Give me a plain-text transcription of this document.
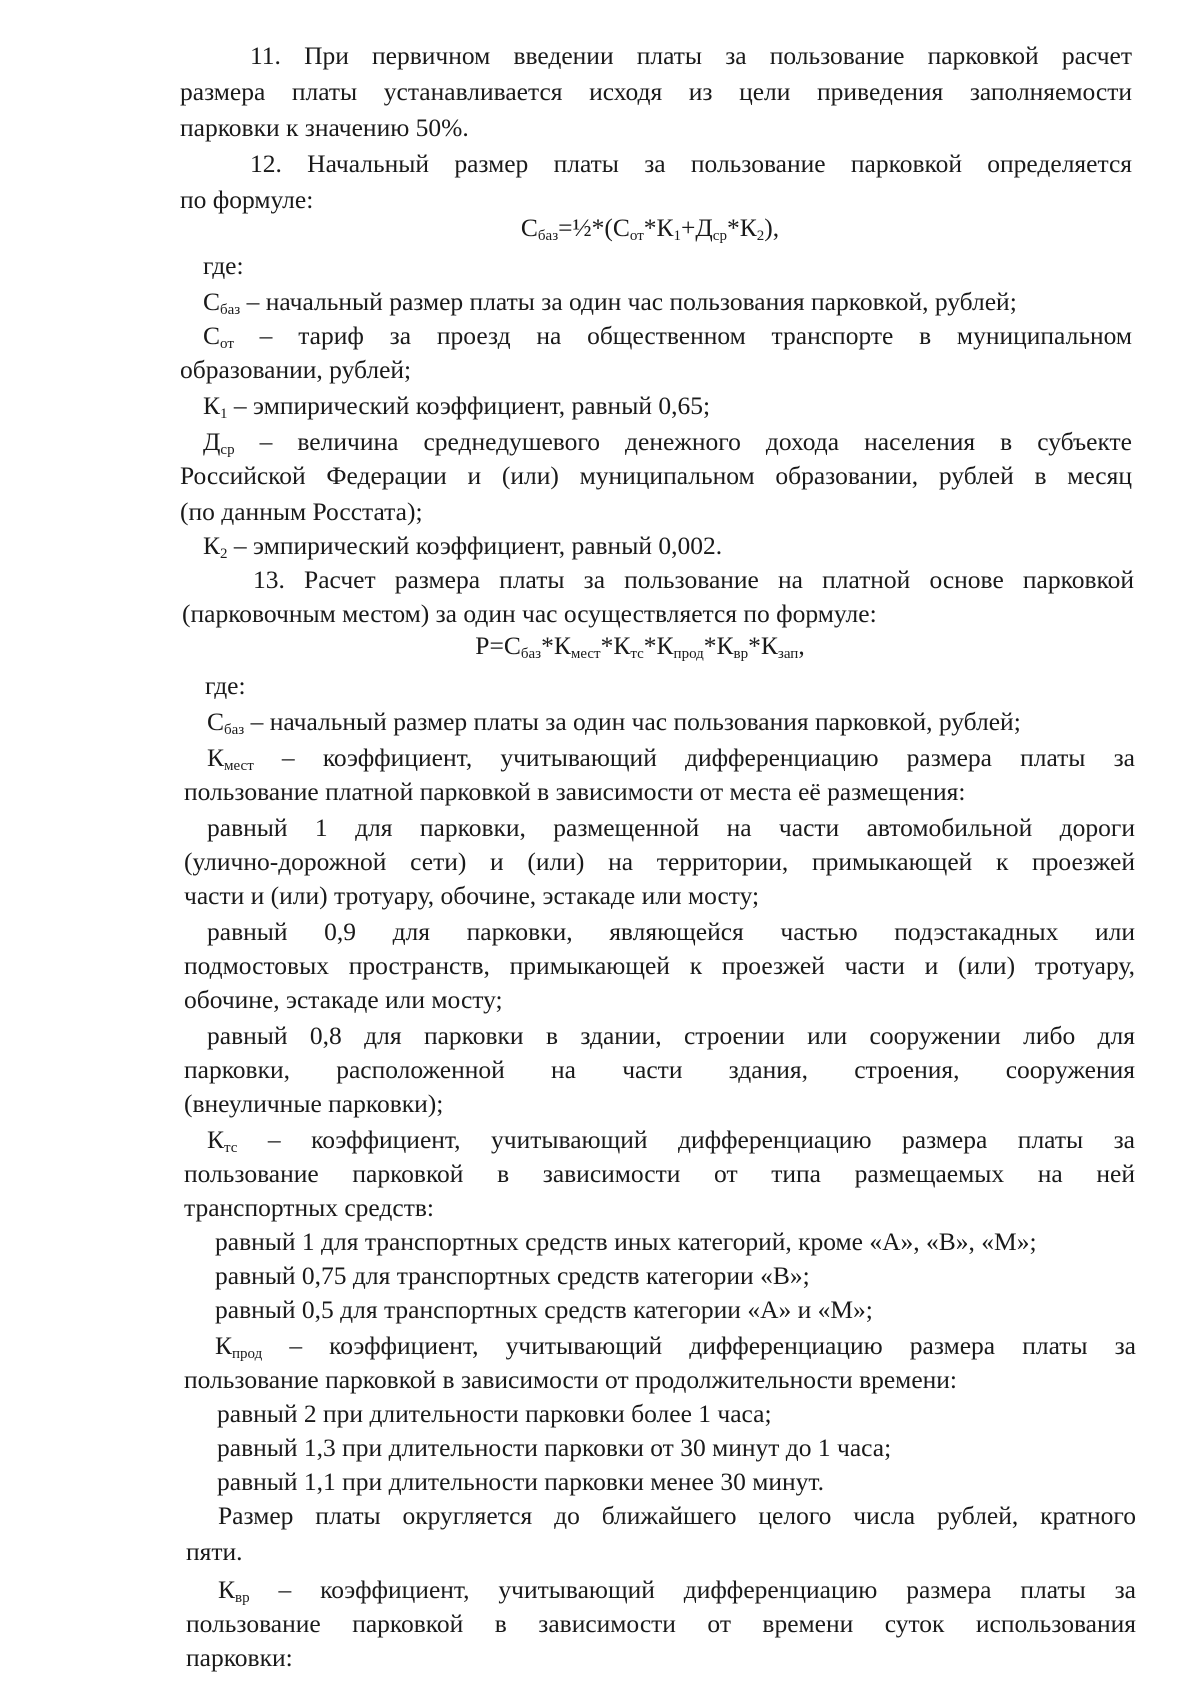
11. При первичном введении платы за пользование парковкой расчет
размера платы устанавливается исходя из цели приведения заполняемости
парковки к значению 50%.
12. Начальный размер платы за пользование парковкой определяется
по формуле:
$С_{баз}=\frac{1}{2}*(С_{от}*К_1+Д_{ср}*К_2)$,
где:
$С_{баз}$ – начальный размер платы за один час пользования парковкой, рублей;
$С_{от}$ – тариф за проезд на общественном транспорте в муниципальном
образовании, рублей;
$К_1$ – эмпирический коэффициент, равный 0,65;
$Д_{ср}$ – величина среднедушевого денежного дохода населения в субъекте
Российской Федерации и (или) муниципальном образовании, рублей в месяц
(по данным Росстата);
$К_2$ – эмпирический коэффициент, равный 0,002.
13. Расчет размера платы за пользование на платной основе парковкой
(парковочным местом) за один час осуществляется по формуле:
$Р=С_{баз}*К_{мест}*К_{тс}*К_{прод}*К_{вр}*К_{зап}$,
где:
$С_{баз}$ – начальный размер платы за один час пользования парковкой, рублей;
$К_{мест}$ – коэффициент, учитывающий дифференциацию размера платы за
пользование платной парковкой в зависимости от места её размещения:
равный 1 для парковки, размещенной на части автомобильной дороги
(улично-дорожной сети) и (или) на территории, примыкающей к проезжей
части и (или) тротуару, обочине, эстакаде или мосту;
равный 0,9 для парковки, являющейся частью подэстакадных или
подмостовых пространств, примыкающей к проезжей части и (или) тротуару,
обочине, эстакаде или мосту;
равный 0,8 для парковки в здании, строении или сооружении либо для
парковки, расположенной на части здания, строения, сооружения
(внеуличные парковки);
$К_{тс}$ – коэффициент, учитывающий дифференциацию размера платы за
пользование парковкой в зависимости от типа размещаемых на ней
транспортных средств:
равный 1 для транспортных средств иных категорий, кроме «А», «В», «М»;
равный 0,75 для транспортных средств категории «В»;
равный 0,5 для транспортных средств категории «А» и «М»;
$К_{прод}$ – коэффициент, учитывающий дифференциацию размера платы за
пользование парковкой в зависимости от продолжительности времени:
равный 2 при длительности парковки более 1 часа;
равный 1,3 при длительности парковки от 30 минут до 1 часа;
равный 1,1 при длительности парковки менее 30 минут.
Размер платы округляется до ближайшего целого числа рублей, кратного
пяти.
$К_{вр}$ – коэффициент, учитывающий дифференциацию размера платы за
пользование парковкой в зависимости от времени суток использования
парковки:
